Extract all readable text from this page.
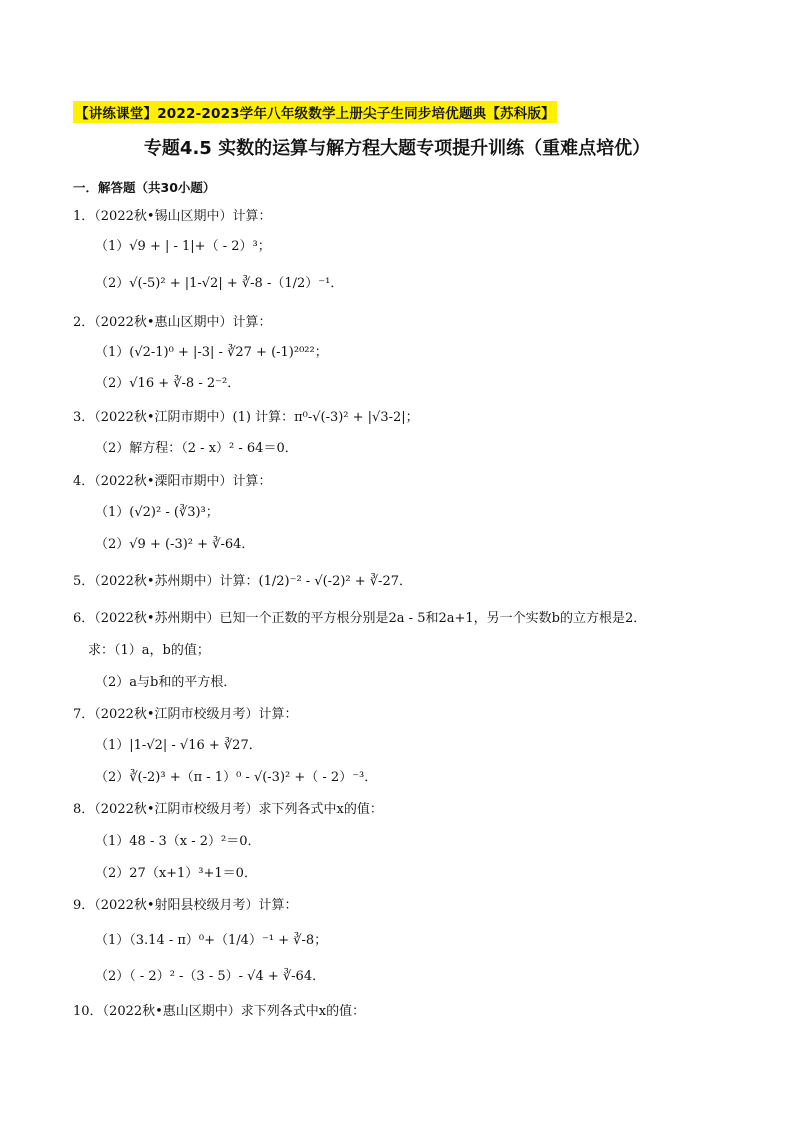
【讲练课堂】2022-2023学年八年级数学上册尖子生同步培优题典【苏科版】
专题4.5 实数的运算与解方程大题专项提升训练（重难点培优）
一．解答题（共30小题）
1．（2022秋•锡山区期中）计算：
（1）√9 + | - 1|+（ - 2）³；
（2）√(-5)² + |1-√2| + ∛-8 -（1/2）⁻¹．
2．（2022秋•惠山区期中）计算：
（1）(√2-1)⁰ + |-3| - ∛27 + (-1)²⁰²²；
（2）√16 + ∛-8 - 2⁻²．
3．（2022秋•江阴市期中）(1) 计算：π⁰-√(-3)² + |√3-2|；
（2）解方程：（2 - x）² - 64＝0．
4．（2022秋•溧阳市期中）计算：
（1）(√2)² - (∛3)³；
（2）√9 + (-3)² + ∛-64．
5．（2022秋•苏州期中）计算：(1/2)⁻² - √(-2)² + ∛-27．
6．（2022秋•苏州期中）已知一个正数的平方根分别是2a - 5和2a+1，另一个实数b的立方根是2．
求：（1）a，b的值；
（2）a与b和的平方根．
7．（2022秋•江阴市校级月考）计算：
（1）|1-√2| - √16 + ∛27．
（2）∛(-2)³ +（π - 1）⁰ - √(-3)² +（ - 2）⁻³．
8．（2022秋•江阴市校级月考）求下列各式中x的值：
（1）48 - 3（x - 2）²＝0．
（2）27（x+1）³+1＝0．
9．（2022秋•射阳县校级月考）计算：
（1）（3.14 - π）⁰+（1/4）⁻¹ + ∛-8；
（2）（ - 2）² -（3 - 5）- √4 + ∛-64．
10．（2022秋•惠山区期中）求下列各式中x的值：
